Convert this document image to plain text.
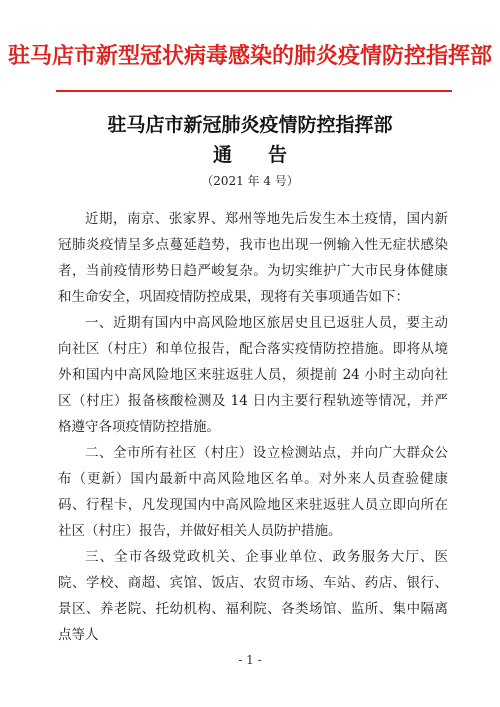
驻马店市新型冠状病毒感染的肺炎疫情防控指挥部
驻马店市新冠肺炎疫情防控指挥部
通告
（2021 年 4 号）

近期，南京、张家界、郑州等地先后发生本土疫情，国内新冠肺炎疫情呈多点蔓延趋势，我市也出现一例输入性无症状感染者，当前疫情形势日趋严峻复杂。为切实维护广大市民身体健康和生命安全，巩固疫情防控成果，现将有关事项通告如下：

一、近期有国内中高风险地区旅居史且已返驻人员，要主动向社区（村庄）和单位报告，配合落实疫情防控措施。即将从境外和国内中高风险地区来驻返驻人员，须提前 24 小时主动向社区（村庄）报备核酸检测及 14 日内主要行程轨迹等情况，并严格遵守各项疫情防控措施。

二、全市所有社区（村庄）设立检测站点，并向广大群众公布（更新）国内最新中高风险地区名单。对外来人员查验健康码、行程卡，凡发现国内中高风险地区来驻返驻人员立即向所在社区（村庄）报告，并做好相关人员防护措施。

三、全市各级党政机关、企事业单位、政务服务大厅、医院、学校、商超、宾馆、饭店、农贸市场、车站、药店、银行、景区、养老院、托幼机构、福利院、各类场馆、监所、集中隔离点等人

- 1 -
